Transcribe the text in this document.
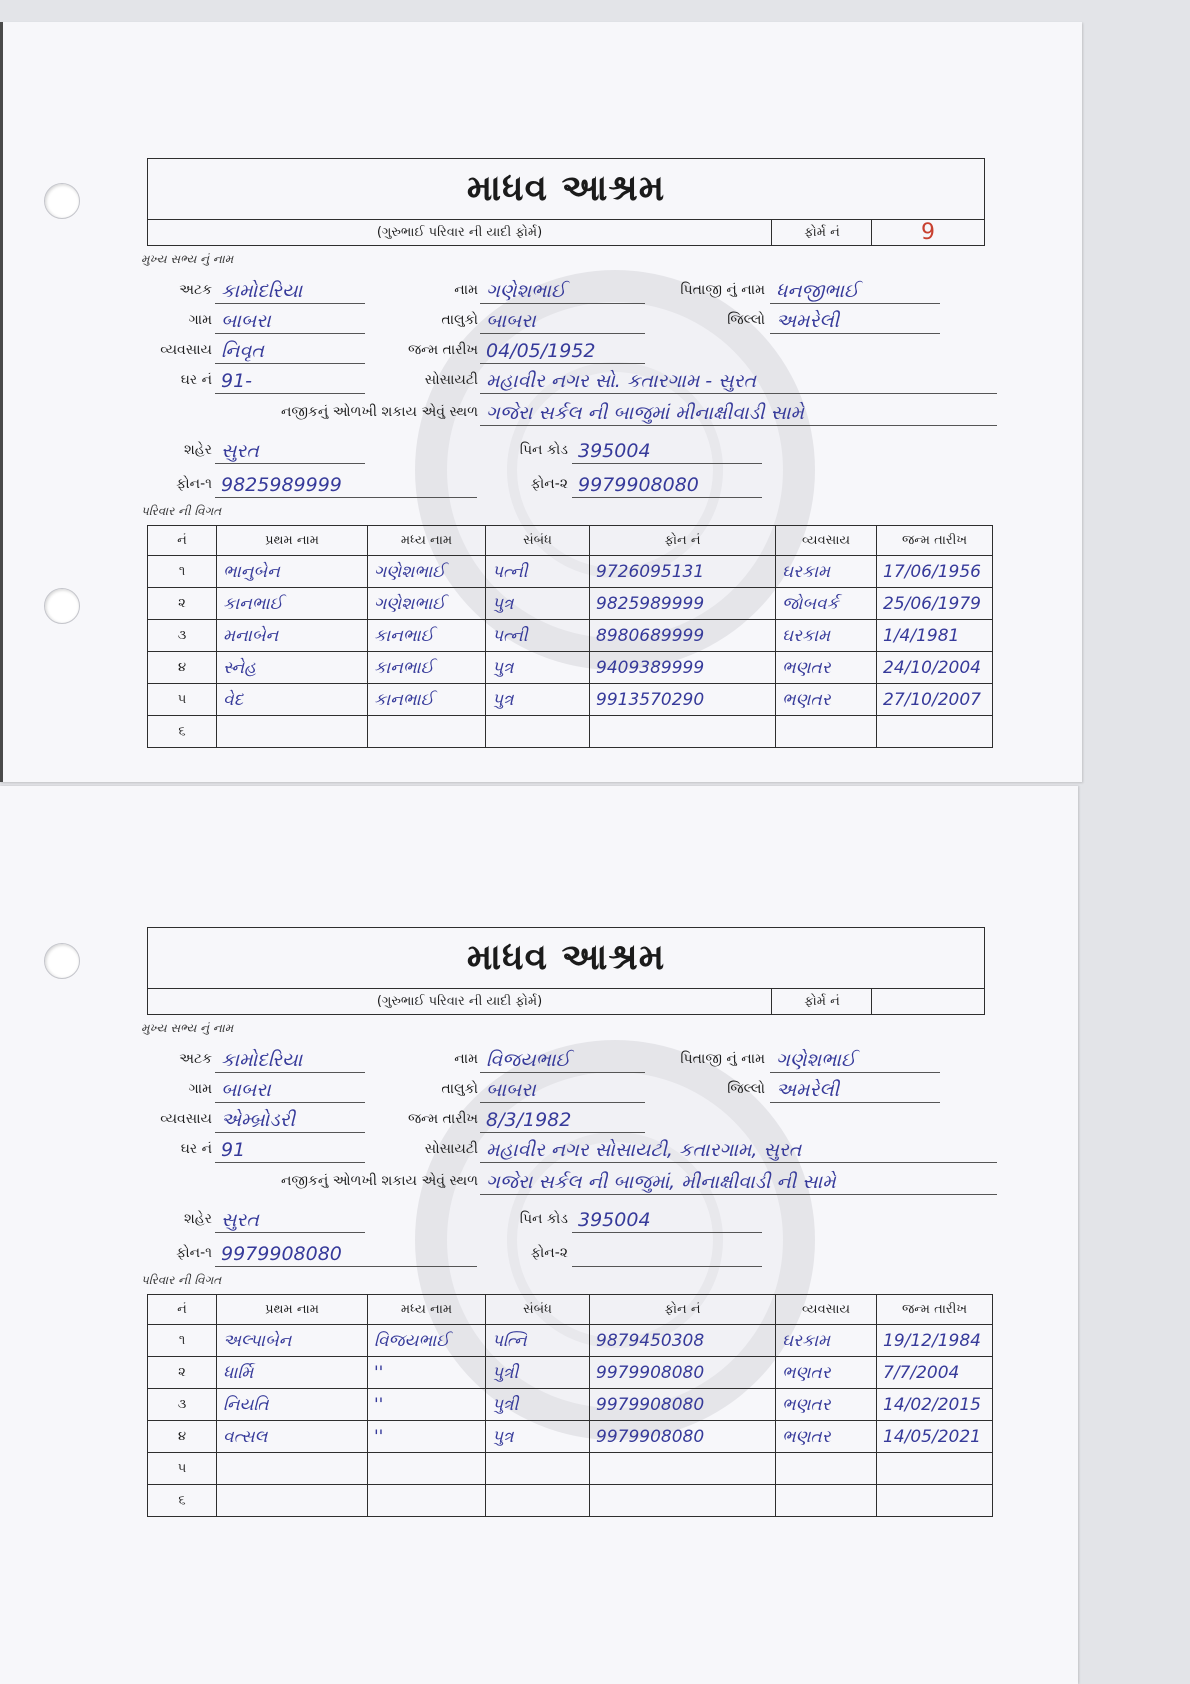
માધવ આશ્રમ
(ગુરુભાઈ પરિવાર ની યાદી ફોર્મ)	ફોર્મ નં	9
મુખ્ય સભ્ય નું નામ
અટક કામોદરિયા	નામ ગણેશભાઈ	પિતાજી નું નામ ધનજીભાઈ
ગામ બાબરા	તાલુકો બાબરા	જિલ્લો અમરેલી
વ્યવસાય નિવૃત	જન્મ તારીખ 04/05/1952
ઘર નં 91-	સોસાયટી મહાવીર નગર સો. કતારગામ - સુરત
નજીકનું ઓળખી શકાય એવું સ્થળ ગજેરા સર્કલ ની બાજુમાં મીનાક્ષીવાડી સામે
શહેર સુરત	પિન કોડ 395004
ફોન-૧ 9825989999	ફોન-૨ 9979908080
પરિવાર ની વિગત
નં	પ્રથમ નામ	મધ્ય નામ	સંબંધ	ફોન નં	વ્યવસાય	જન્મ તારીખ
૧	ભાનુબેન	ગણેશભાઈ	પત્ની	9726095131	ઘરકામ	17/06/1956
૨	કાનભાઈ	ગણેશભાઈ	પુત્ર	9825989999	જોબવર્ક	25/06/1979
૩	મનાબેન	કાનભાઈ	પત્ની	8980689999	ઘરકામ	1/4/1981
૪	સ્નેહ	કાનભાઈ	પુત્ર	9409389999	ભણતર	24/10/2004
૫	વેદ	કાનભાઈ	પુત્ર	9913570290	ભણતર	27/10/2007
૬						
માધવ આશ્રમ
(ગુરુભાઈ પરિવાર ની યાદી ફોર્મ)	ફોર્મ નં
મુખ્ય સભ્ય નું નામ
અટક કામોદરિયા	નામ વિજયભાઈ	પિતાજી નું નામ ગણેશભાઈ
ગામ બાબરા	તાલુકો બાબરા	જિલ્લો અમરેલી
વ્યવસાય એમ્બ્રોડરી	જન્મ તારીખ 8/3/1982
ઘર નં 91	સોસાયટી મહાવીર નગર સોસાયટી, કતારગામ, સુરત
નજીકનું ઓળખી શકાય એવું સ્થળ ગજેરા સર્કલ ની બાજુમાં, મીનાક્ષીવાડી ની સામે
શહેર સુરત	પિન કોડ 395004
ફોન-૧ 9979908080	ફોન-૨
પરિવાર ની વિગત
નં	પ્રથમ નામ	મધ્ય નામ	સંબંધ	ફોન નં	વ્યવસાય	જન્મ તારીખ
૧	અલ્પાબેન	વિજયભાઈ	પત્નિ	9879450308	ઘરકામ	19/12/1984
૨	ધાર્મિ	''	પુત્રી	9979908080	ભણતર	7/7/2004
૩	નિયતિ	''	પુત્રી	9979908080	ભણતર	14/02/2015
૪	વત્સલ	''	પુત્ર	9979908080	ભણતર	14/05/2021
૫						
૬						
